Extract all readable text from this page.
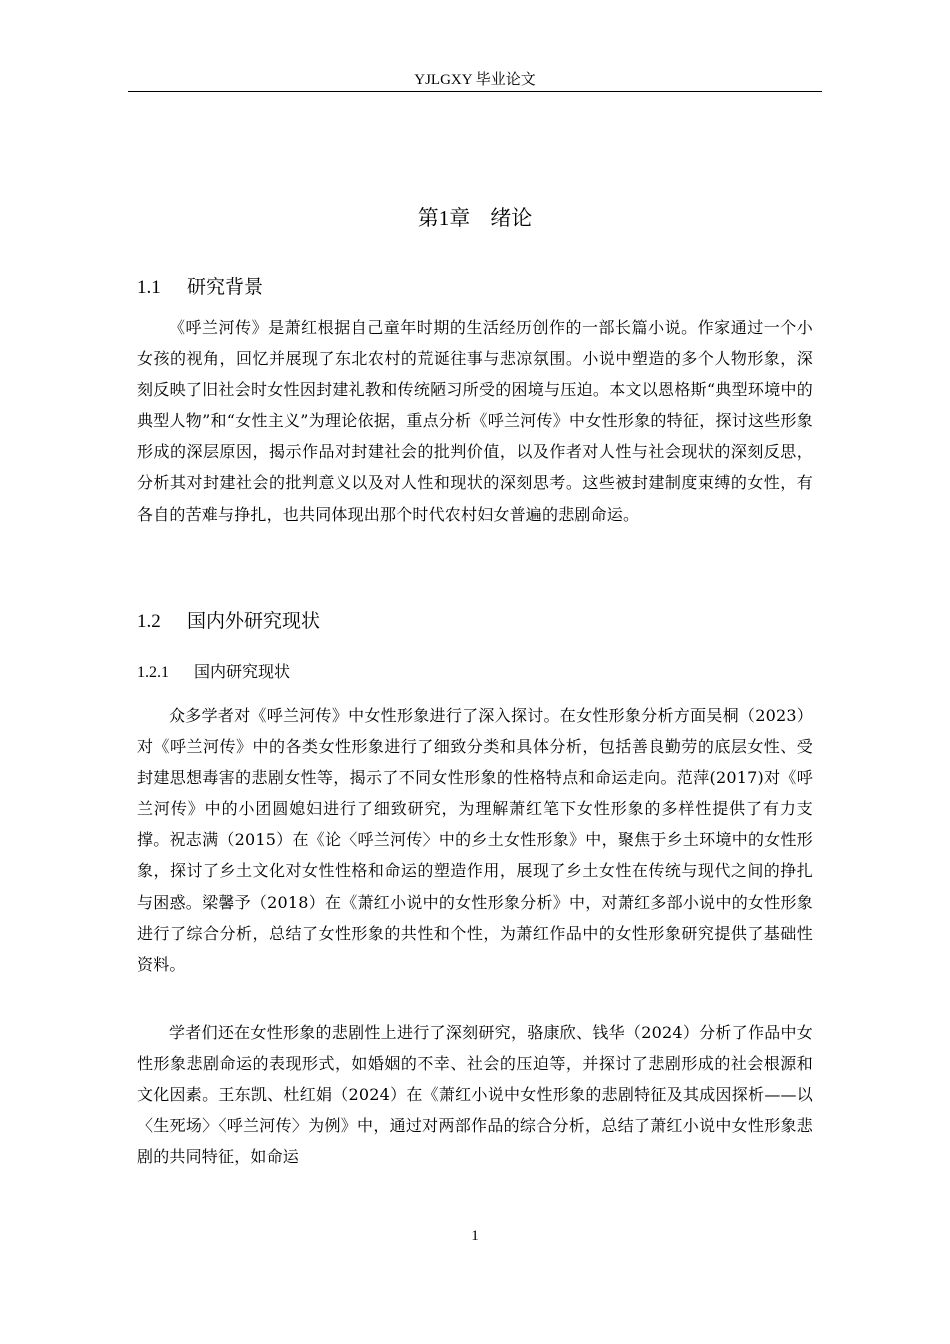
YJLGXY 毕业论文
第1章 绪论
1.1 研究背景

《呼兰河传》是萧红根据自己童年时期的生活经历创作的一部长篇小说。作家通过一个小女孩的视角，回忆并展现了东北农村的荒诞往事与悲凉氛围。小说中塑造的多个人物形象，深刻反映了旧社会时女性因封建礼教和传统陋习所受的困境与压迫。本文以恩格斯“典型环境中的典型人物”和“女性主义”为理论依据，重点分析《呼兰河传》中女性形象的特征，探讨这些形象形成的深层原因，揭示作品对封建社会的批判价值，以及作者对人性与社会现状的深刻反思，分析其对封建社会的批判意义以及对人性和现状的深刻思考。这些被封建制度束缚的女性，有各自的苦难与挣扎，也共同体现出那个时代农村妇女普遍的悲剧命运。

1.2 国内外研究现状
1.2.1 国内研究现状

众多学者对《呼兰河传》中女性形象进行了深入探讨。在女性形象分析方面吴桐（2023）对《呼兰河传》中的各类女性形象进行了细致分类和具体分析，包括善良勤劳的底层女性、受封建思想毒害的悲剧女性等，揭示了不同女性形象的性格特点和命运走向。范萍(2017)对《呼兰河传》中的小团圆媳妇进行了细致研究，为理解萧红笔下女性形象的多样性提供了有力支撑。祝志满（2015）在《论〈呼兰河传〉中的乡土女性形象》中，聚焦于乡土环境中的女性形象，探讨了乡土文化对女性性格和命运的塑造作用，展现了乡土女性在传统与现代之间的挣扎与困惑。梁馨予（2018）在《萧红小说中的女性形象分析》中，对萧红多部小说中的女性形象进行了综合分析，总结了女性形象的共性和个性，为萧红作品中的女性形象研究提供了基础性资料。

学者们还在女性形象的悲剧性上进行了深刻研究，骆康欣、钱华（2024）分析了作品中女性形象悲剧命运的表现形式，如婚姻的不幸、社会的压迫等，并探讨了悲剧形成的社会根源和文化因素。王东凯、杜红娟（2024）在《萧红小说中女性形象的悲剧特征及其成因探析——以〈生死场〉〈呼兰河传〉为例》中，通过对两部作品的综合分析，总结了萧红小说中女性形象悲剧的共同特征，如命运

1
